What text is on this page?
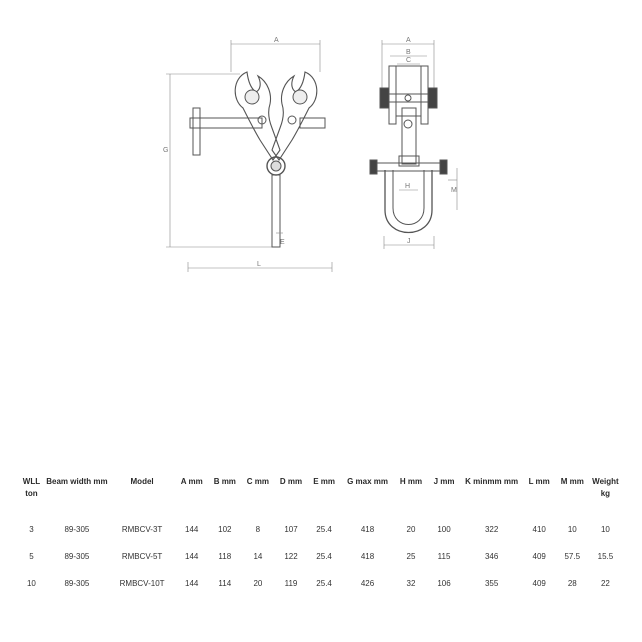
A
G
L
E
A
B
C
H
M
J
WLL ton	Beam width mm	Model	A mm	B mm	C mm	D mm	E mm	G max mm	H mm	J mm	K minmm mm	L mm	M mm	Weight kg
3	89-305	RMBCV-3T	144	102	8	107	25.4	418	20	100	322	410	10	10
5	89-305	RMBCV-5T	144	118	14	122	25.4	418	25	115	346	409	57.5	15.5
10	89-305	RMBCV-10T	144	114	20	119	25.4	426	32	106	355	409	28	22
